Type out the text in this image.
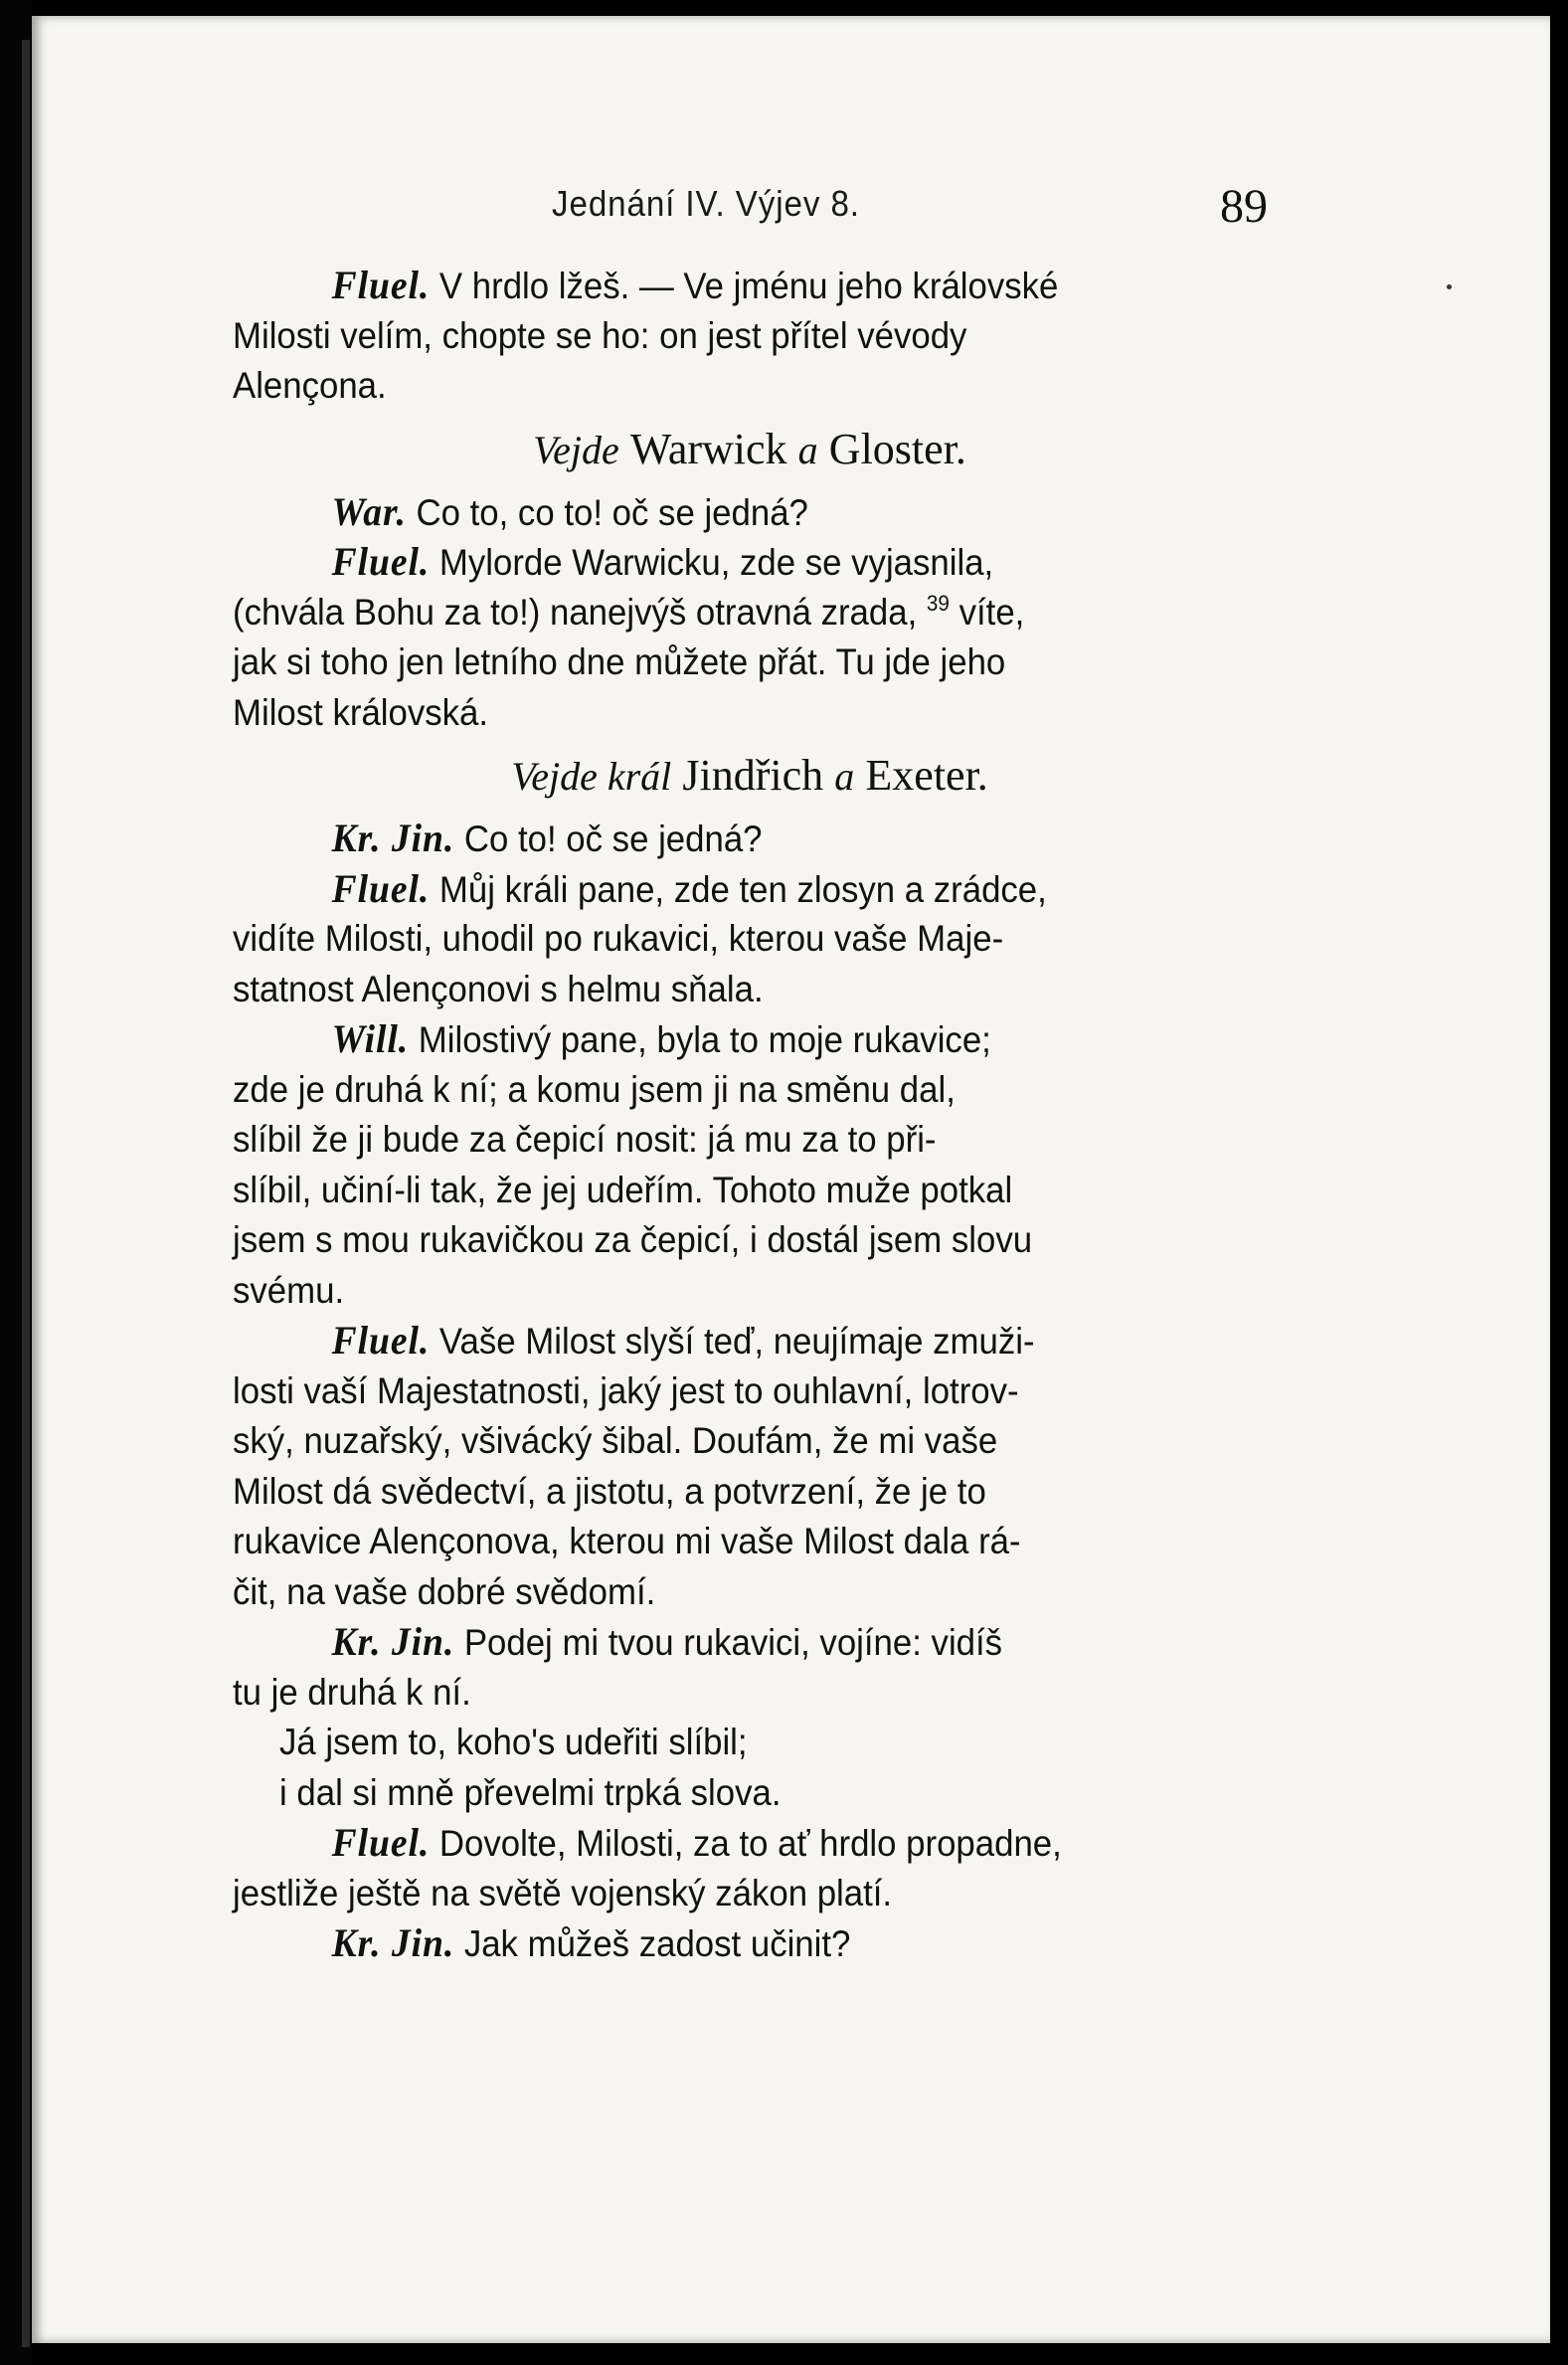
Jednání IV. Výjev 8.	89
Fluel. V hrdlo lžeš. — Ve jménu jeho královské
Milosti velím, chopte se ho: on jest přítel vévody
Alençona.
Vejde Warwick a Gloster.
War. Co to, co to! oč se jedná?
Fluel. Mylorde Warwicku, zde se vyjasnila,
(chvála Bohu za to!) nanejvýš otravná zrada, $^{39}$ víte,
jak si toho jen letního dne můžete přát. Tu jde jeho
Milost královská.
Vejde král Jindřich a Exeter.
Kr. Jin. Co to! oč se jedná?
Fluel. Můj králi pane, zde ten zlosyn a zrádce,
vidíte Milosti, uhodil po rukavici, kterou vaše Maje-
statnost Alençonovi s helmu sňala.
Will. Milostivý pane, byla to moje rukavice;
zde je druhá k ní; a komu jsem ji na směnu dal,
slíbil že ji bude za čepicí nosit: já mu za to při-
slíbil, učiní-li tak, že jej udeřím. Tohoto muže potkal
jsem s mou rukavičkou za čepicí, i dostál jsem slovu
svému.
Fluel. Vaše Milost slyší teď, neujímaje zmuži-
losti vaší Majestatnosti, jaký jest to ouhlavní, lotrov-
ský, nuzařský, všivácký šibal. Doufám, že mi vaše
Milost dá svědectví, a jistotu, a potvrzení, že je to
rukavice Alençonova, kterou mi vaše Milost dala rá-
čit, na vaše dobré svědomí.
Kr. Jin. Podej mi tvou rukavici, vojíne: vidíš
tu je druhá k ní.
Já jsem to, koho's udeřiti slíbil;
i dal si mně převelmi trpká slova.
Fluel. Dovolte, Milosti, za to ať hrdlo propadne,
jestliže ještě na světě vojenský zákon platí.
Kr. Jin. Jak můžeš zadost učinit?
